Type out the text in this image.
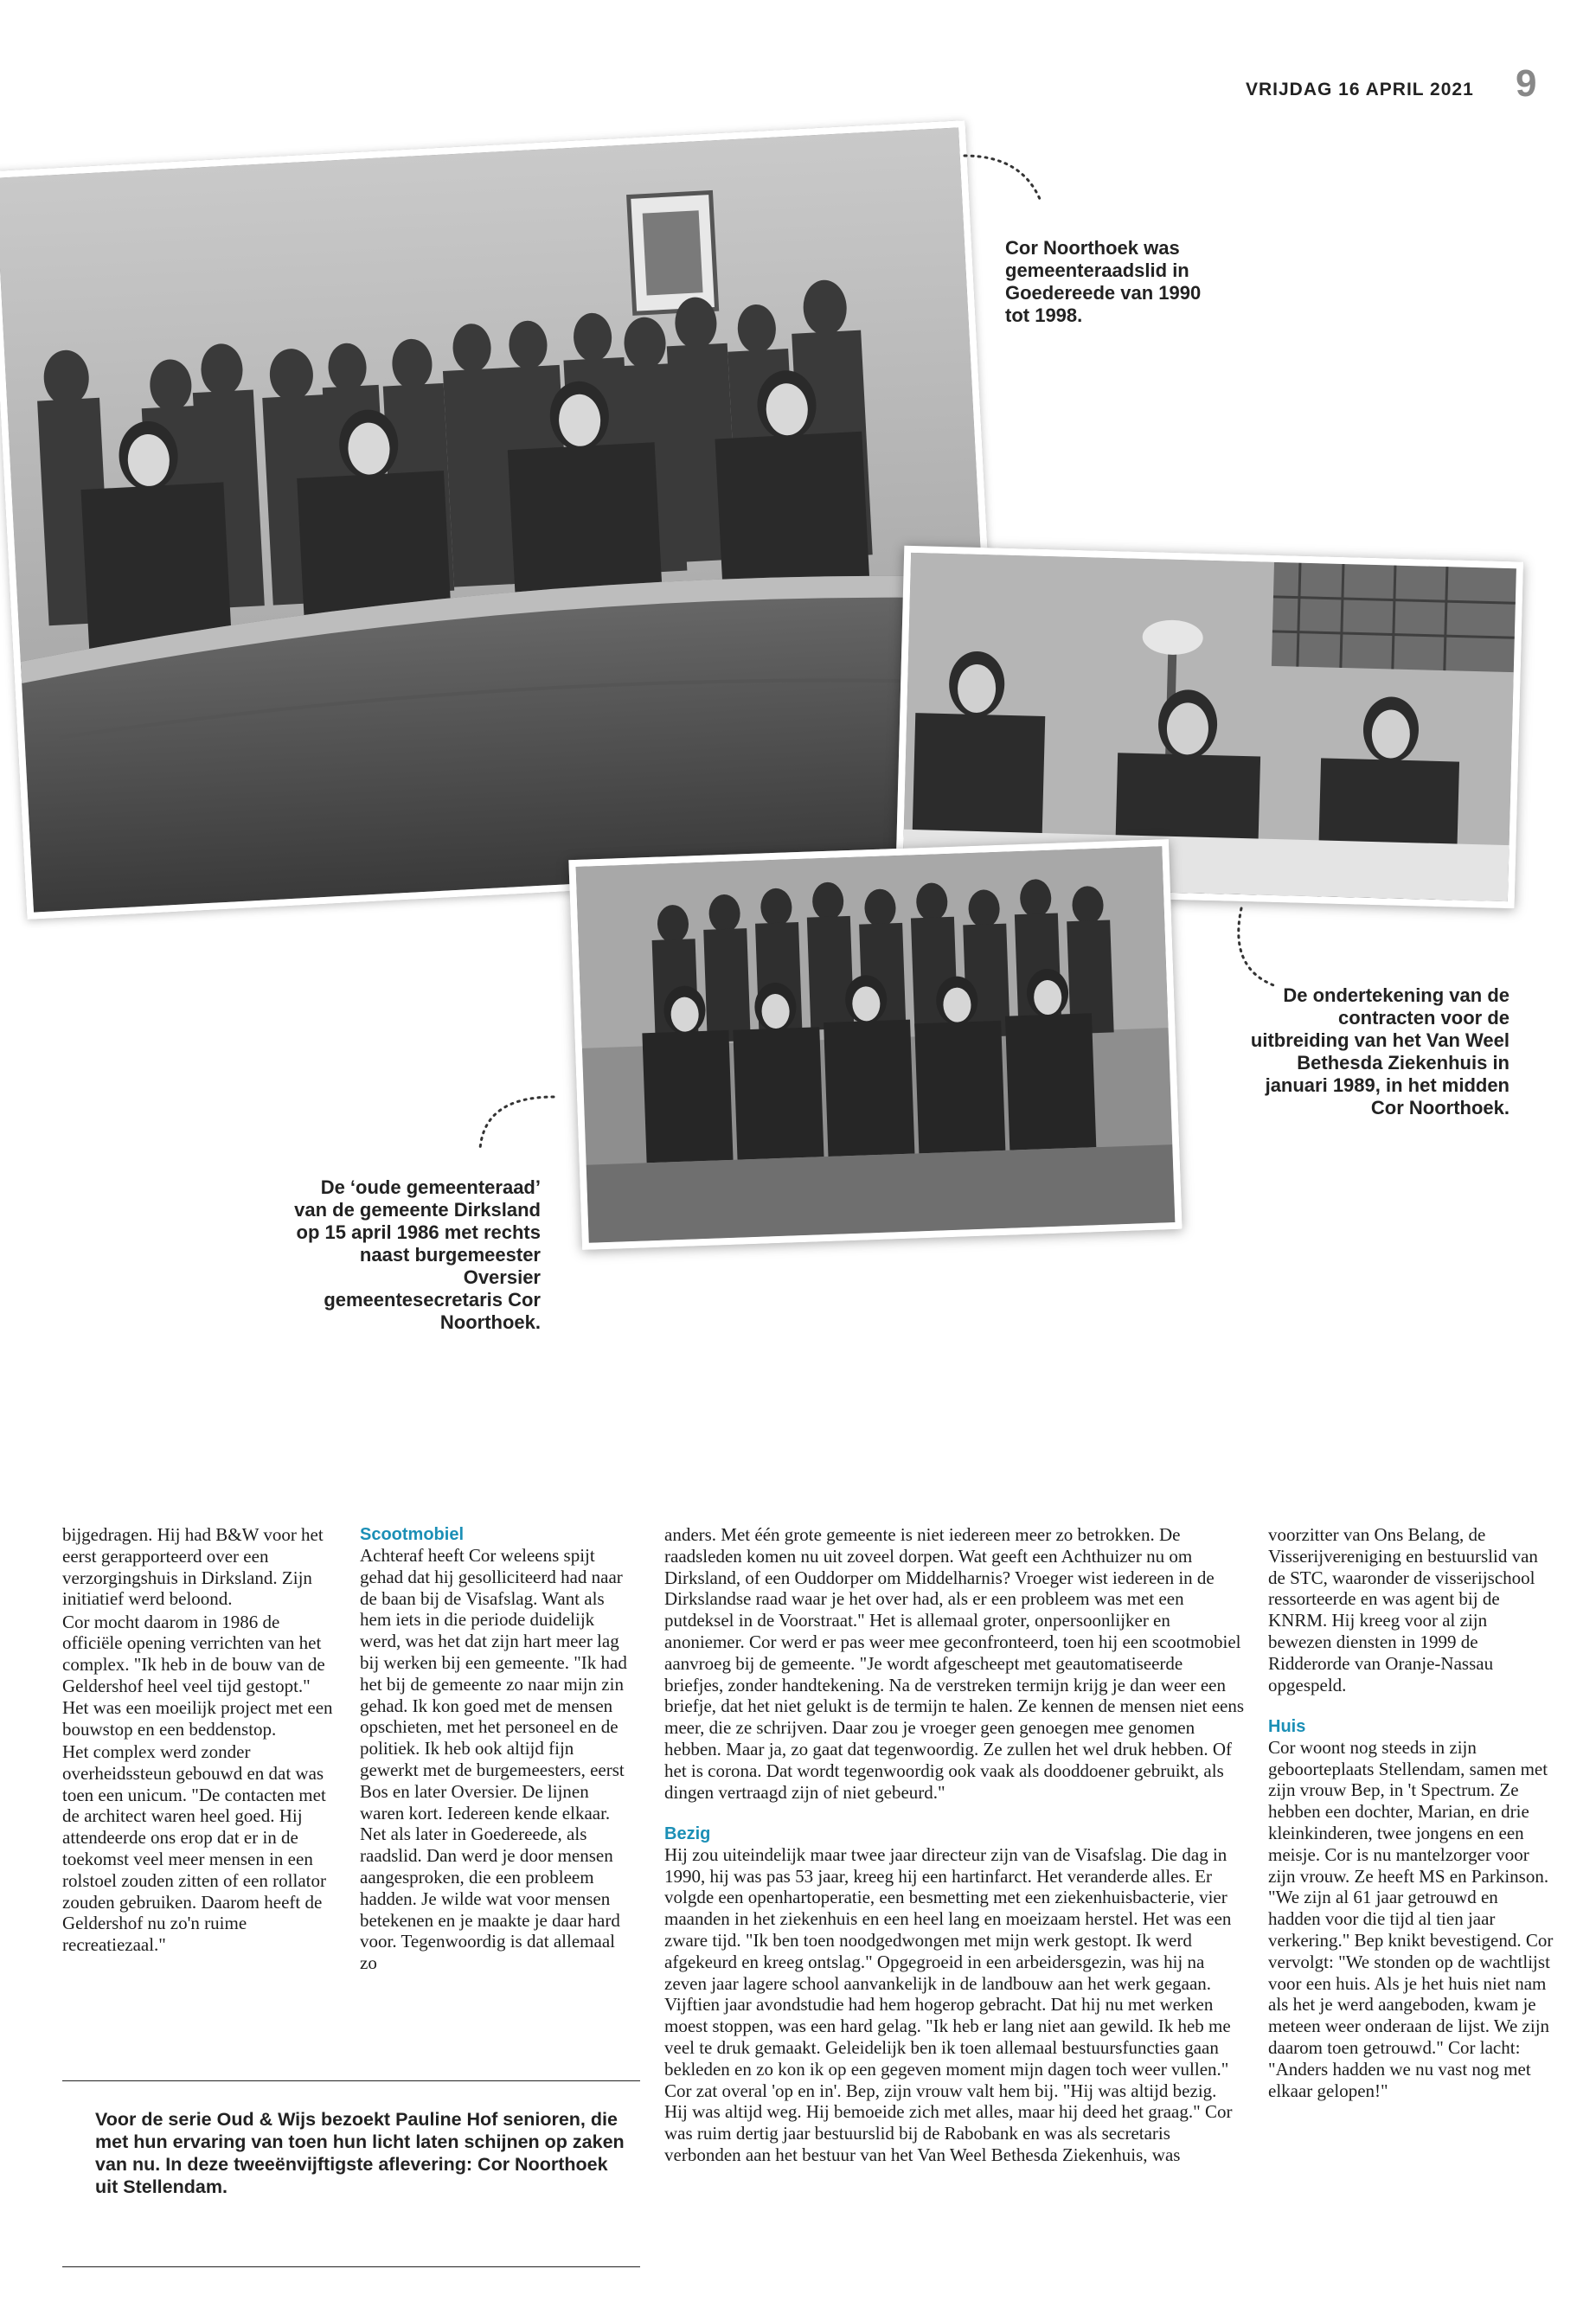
VRIJDAG 16 APRIL 2021 9
Cor Noorthoek was gemeenteraadslid in Goedereede van 1990 tot 1998.
De ondertekening van de contracten voor de uitbreiding van het Van Weel Bethesda Ziekenhuis in januari 1989, in het midden Cor Noorthoek.
De ‘oude gemeenteraad’ van de gemeente Dirksland op 15 april 1986 met rechts naast burgemeester Oversier gemeentesecretaris Cor Noorthoek.

bijgedragen. Hij had B&W voor het eerst gerapporteerd over een verzorgingshuis in Dirksland. Zijn initiatief werd beloond.

Cor mocht daarom in 1986 de officiële opening verrichten van het complex. "Ik heb in de bouw van de Geldershof heel veel tijd gestopt." Het was een moeilijk project met een bouwstop en een beddenstop.

Het complex werd zonder overheidssteun gebouwd en dat was toen een unicum. "De contacten met de architect waren heel goed. Hij attendeerde ons erop dat er in de toekomst veel meer mensen in een rolstoel zouden zitten of een rollator zouden gebruiken. Daarom heeft de Geldershof nu zo'n ruime recreatiezaal."

Scootmobiel

Achteraf heeft Cor weleens spijt gehad dat hij gesolliciteerd had naar de baan bij de Visafslag. Want als hem iets in die periode duidelijk werd, was het dat zijn hart meer lag bij werken bij een gemeente. "Ik had het bij de gemeente zo naar mijn zin gehad. Ik kon goed met de mensen opschieten, met het personeel en de politiek. Ik heb ook altijd fijn gewerkt met de burgemeesters, eerst Bos en later Oversier. De lijnen waren kort. Iedereen kende elkaar. Net als later in Goedereede, als raadslid. Dan werd je door mensen aangesproken, die een probleem hadden. Je wilde wat voor mensen betekenen en je maakte je daar hard voor. Tegenwoordig is dat allemaal zo

anders. Met één grote gemeente is niet iedereen meer zo betrokken. De raadsleden komen nu uit zoveel dorpen. Wat geeft een Achthuizer nu om Dirksland, of een Ouddorper om Middelharnis? Vroeger wist iedereen in de Dirkslandse raad waar je het over had, als er een probleem was met een putdeksel in de Voorstraat." Het is allemaal groter, onpersoonlijker en anoniemer. Cor werd er pas weer mee geconfronteerd, toen hij een scootmobiel aanvroeg bij de gemeente. "Je wordt afgescheept met geautomatiseerde briefjes, zonder handtekening. Na de verstreken termijn krijg je dan weer een briefje, dat het niet gelukt is de termijn te halen. Ze kennen de mensen niet eens meer, die ze schrijven. Daar zou je vroeger geen genoegen mee genomen hebben. Maar ja, zo gaat dat tegenwoordig. Ze zullen het wel druk hebben. Of het is corona. Dat wordt tegenwoordig ook vaak als dooddoener gebruikt, als dingen vertraagd zijn of niet gebeurd."

Bezig

Hij zou uiteindelijk maar twee jaar directeur zijn van de Visafslag. Die dag in 1990, hij was pas 53 jaar, kreeg hij een hartinfarct. Het veranderde alles. Er volgde een openhartoperatie, een besmetting met een ziekenhuisbacterie, vier maanden in het ziekenhuis en een heel lang en moeizaam herstel. Het was een zware tijd. "Ik ben toen noodgedwongen met mijn werk gestopt. Ik werd afgekeurd en kreeg ontslag." Opgegroeid in een arbeidersgezin, was hij na zeven jaar lagere school aanvankelijk in de landbouw aan het werk gegaan. Vijftien jaar avondstudie had hem hogerop gebracht. Dat hij nu met werken moest stoppen, was een hard gelag. "Ik heb er lang niet aan gewild. Ik heb me veel te druk gemaakt. Geleidelijk ben ik toen allemaal bestuursfuncties gaan bekleden en zo kon ik op een gegeven moment mijn dagen toch weer vullen." Cor zat overal 'op en in'. Bep, zijn vrouw valt hem bij. "Hij was altijd bezig. Hij was altijd weg. Hij bemoeide zich met alles, maar hij deed het graag." Cor was ruim dertig jaar bestuurslid bij de Rabobank en was als secretaris verbonden aan het bestuur van het Van Weel Bethesda Ziekenhuis, was

voorzitter van Ons Belang, de Visserijvereniging en bestuurslid van de STC, waaronder de visserijschool ressorteerde en was agent bij de KNRM. Hij kreeg voor al zijn bewezen diensten in 1999 de Ridderorde van Oranje-Nassau opgespeld.

Huis

Cor woont nog steeds in zijn geboorteplaats Stellendam, samen met zijn vrouw Bep, in 't Spectrum. Ze hebben een dochter, Marian, en drie kleinkinderen, twee jongens en een meisje. Cor is nu mantelzorger voor zijn vrouw. Ze heeft MS en Parkinson. "We zijn al 61 jaar getrouwd en hadden voor die tijd al tien jaar verkering." Bep knikt bevestigend. Cor vervolgt: "We stonden op de wachtlijst voor een huis. Als je het huis niet nam als het je werd aangeboden, kwam je meteen weer onderaan de lijst. We zijn daarom toen getrouwd." Cor lacht: "Anders hadden we nu vast nog met elkaar gelopen!"

Voor de serie Oud & Wijs bezoekt Pauline Hof senioren, die met hun ervaring van toen hun licht laten schijnen op zaken van nu. In deze tweeënvijftigste aflevering: Cor Noorthoek uit Stellendam.
